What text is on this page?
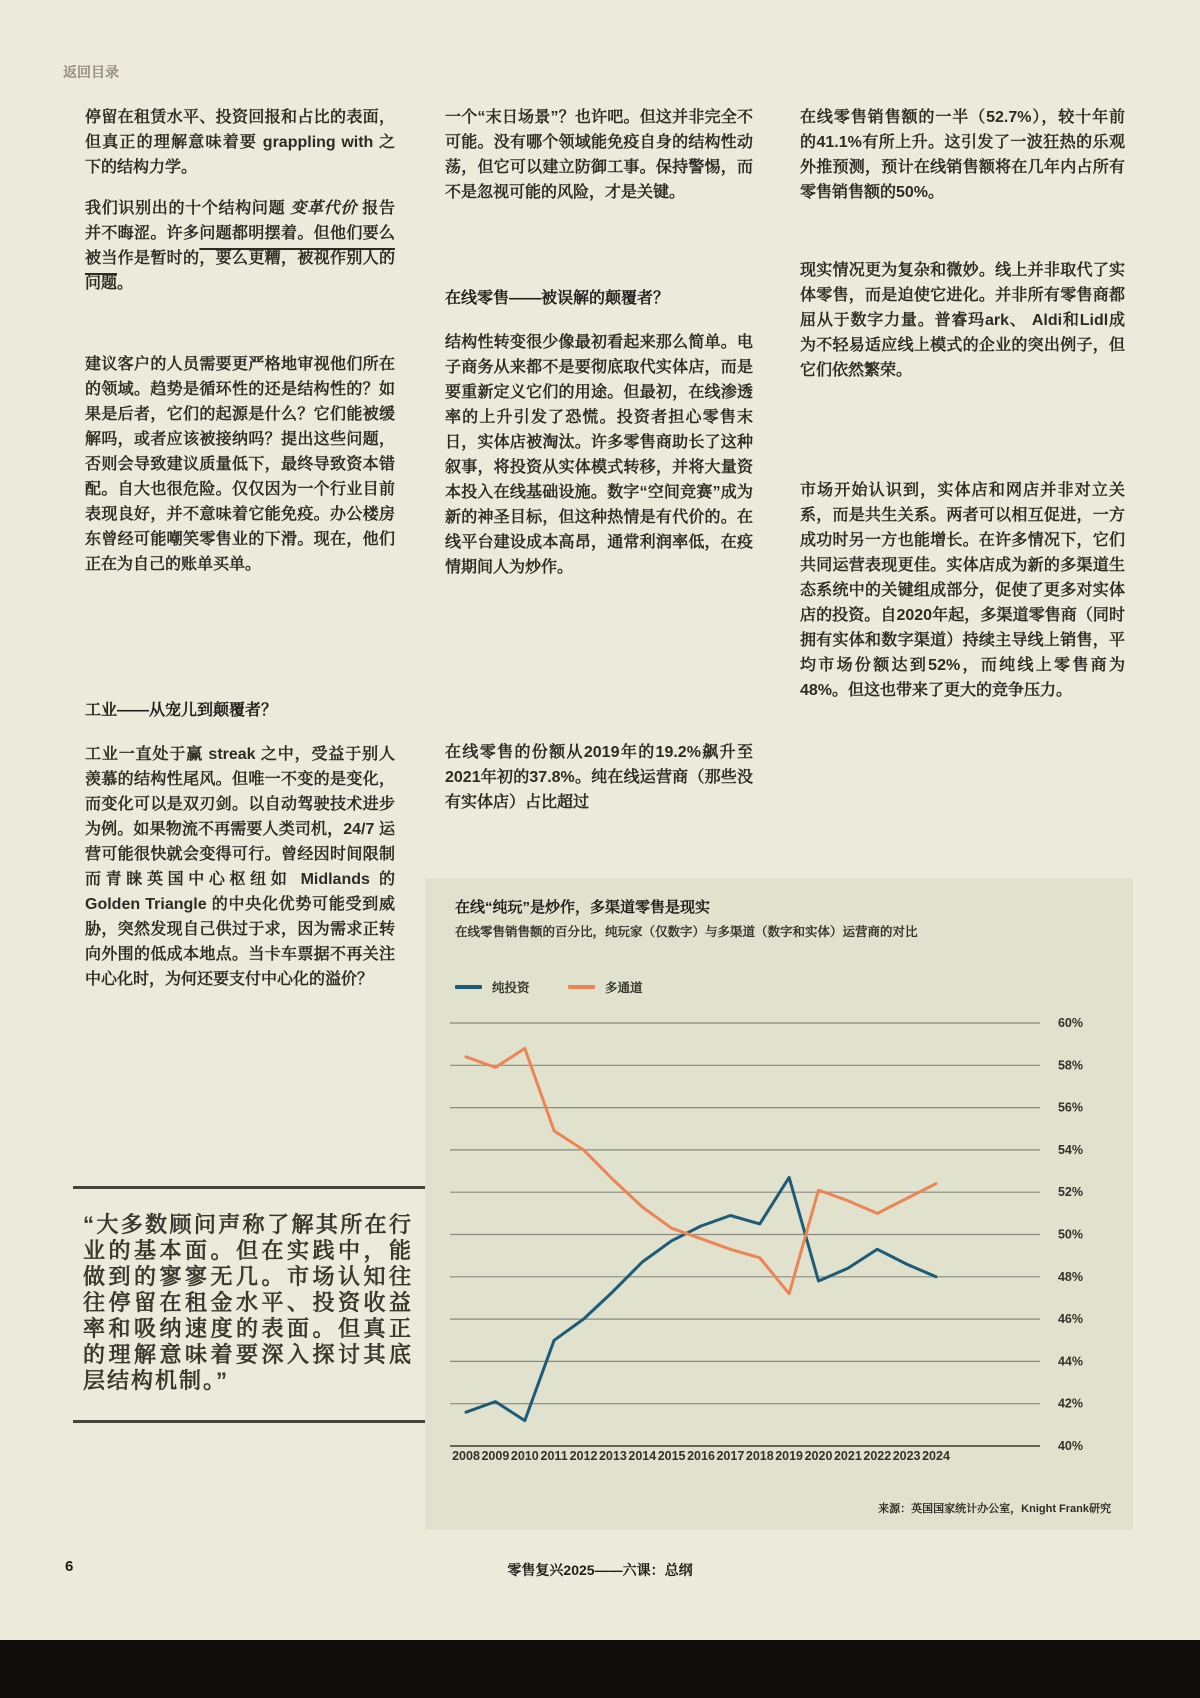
返回目录
停留在租赁水平、投资回报和占比的表面，但真正的理解意味着要 grappling with 之下的结构力学。

我们识别出的十个结构问题 变革代价 报告并不晦涩。许多问题都明摆着。但他们要么被当作是暂时的，要么更糟，被视作别人的问题。

建议客户的人员需要更严格地审视他们所在的领域。趋势是循环性的还是结构性的？如果是后者，它们的起源是什么？它们能被缓解吗，或者应该被接纳吗？提出这些问题，否则会导致建议质量低下，最终导致资本错配。自大也很危险。仅仅因为一个行业目前表现良好，并不意味着它能免疫。办公楼房东曾经可能嘲笑零售业的下滑。现在，他们正在为自己的账单买单。
工业——从宠儿到颠覆者？
工业一直处于赢 streak 之中，受益于别人羡慕的结构性尾风。但唯一不变的是变化，而变化可以是双刃剑。以自动驾驶技术进步为例。如果物流不再需要人类司机，24/7 运营可能很快就会变得可行。曾经因时间限制而青睐英国中心枢纽如 Midlands 的 Golden Triangle 的中央化优势可能受到威胁，突然发现自己供过于求，因为需求正转向外围的低成本地点。当卡车票据不再关注中心化时，为何还要支付中心化的溢价？
“大多数顾问声称了解其所在行业的基本面。但在实践中，能做到的寥寥无几。市场认知往往停留在租金水平、投资收益率和吸纳速度的表面。但真正的理解意味着要深入探讨其底层结构机制。”
一个“末日场景”？也许吧。但这并非完全不可能。没有哪个领域能免疫自身的结构性动荡，但它可以建立防御工事。保持警惕，而不是忽视可能的风险，才是关键。
在线零售——被误解的颠覆者？
结构性转变很少像最初看起来那么简单。电子商务从来都不是要彻底取代实体店，而是要重新定义它们的用途。但最初，在线渗透率的上升引发了恐慌。投资者担心零售末日，实体店被淘汰。许多零售商助长了这种叙事，将投资从实体模式转移，并将大量资本投入在线基础设施。数字“空间竞赛”成为新的神圣目标，但这种热情是有代价的。在线平台建设成本高昂，通常利润率低，在疫情期间人为炒作。
在线零售的份额从2019年的19.2%飙升至2021年初的37.8%。纯在线运营商（那些没有实体店）占比超过
在线零售销售额的一半（52.7%），较十年前的41.1%有所上升。这引发了一波狂热的乐观外推预测，预计在线销售额将在几年内占所有零售销售额的50%。
现实情况更为复杂和微妙。线上并非取代了实体零售，而是迫使它进化。并非所有零售商都屈从于数字力量。普睿玛ark、 Aldi和Lidl成为不轻易适应线上模式的企业的突出例子，但它们依然繁荣。
市场开始认识到，实体店和网店并非对立关系，而是共生关系。两者可以相互促进，一方成功时另一方也能增长。在许多情况下，它们共同运营表现更佳。实体店成为新的多渠道生态系统中的关键组成部分，促使了更多对实体店的投资。自2020年起，多渠道零售商（同时拥有实体和数字渠道）持续主导线上销售，平均市场份额达到52%，而纯线上零售商为48%。但这也带来了更大的竞争压力。
在线“纯玩”是炒作，多渠道零售是现实
在线零售销售额的百分比，纯玩家（仅数字）与多渠道（数字和实体）运营商的对比
纯投资	多通道
60%
58%
56%
54%
52%
50%
48%
46%
44%
42%
40%
2008 2009 2010 2011 2012 2013 2014 2015 2016 2017 2018 2019 2020 2021 2022 2023 2024
来源：英国国家统计办公室，Knight Frank研究
6	零售复兴2025——六课：总纲
